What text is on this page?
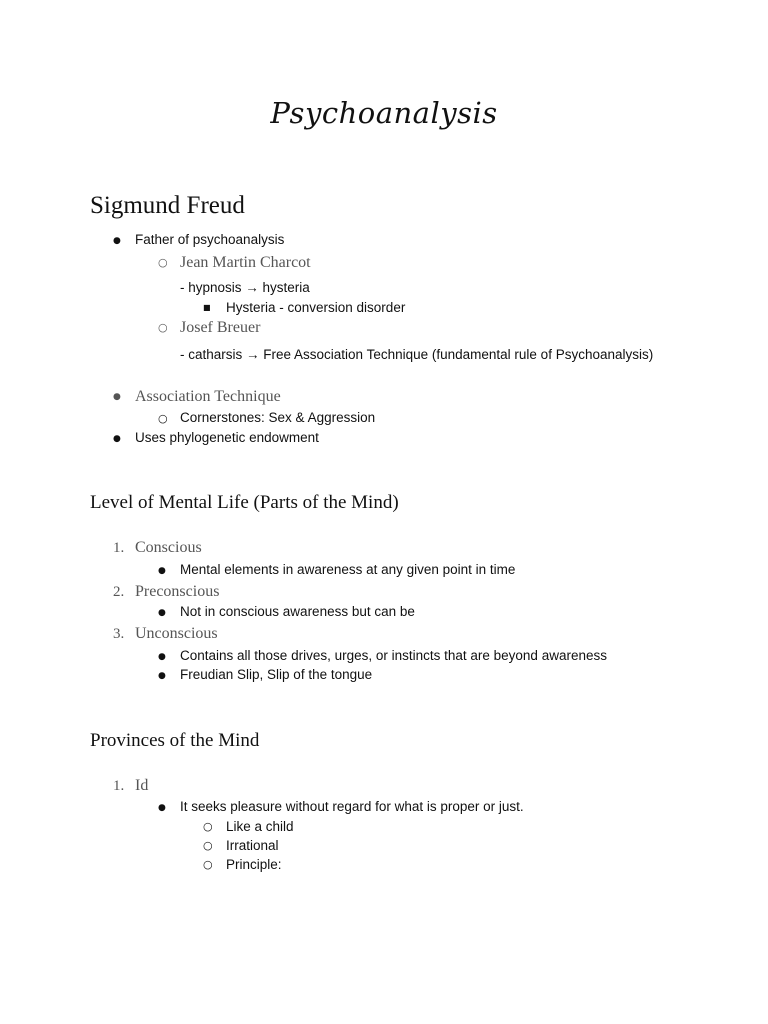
Psychoanalysis
Sigmund Freud
● Father of psychoanalysis
○ Jean Martin Charcot
- hypnosis → hysteria
■ Hysteria - conversion disorder
○ Josef Breuer
- catharsis → Free Association Technique (fundamental rule of Psychoanalysis)
● Association Technique
○ Cornerstones: Sex & Aggression
● Uses phylogenetic endowment
Level of Mental Life (Parts of the Mind)
1. Conscious
● Mental elements in awareness at any given point in time
2. Preconscious
● Not in conscious awareness but can be
3. Unconscious
● Contains all those drives, urges, or instincts that are beyond awareness
● Freudian Slip, Slip of the tongue
Provinces of the Mind
1. Id
● It seeks pleasure without regard for what is proper or just.
○ Like a child
○ Irrational
○ Principle:
